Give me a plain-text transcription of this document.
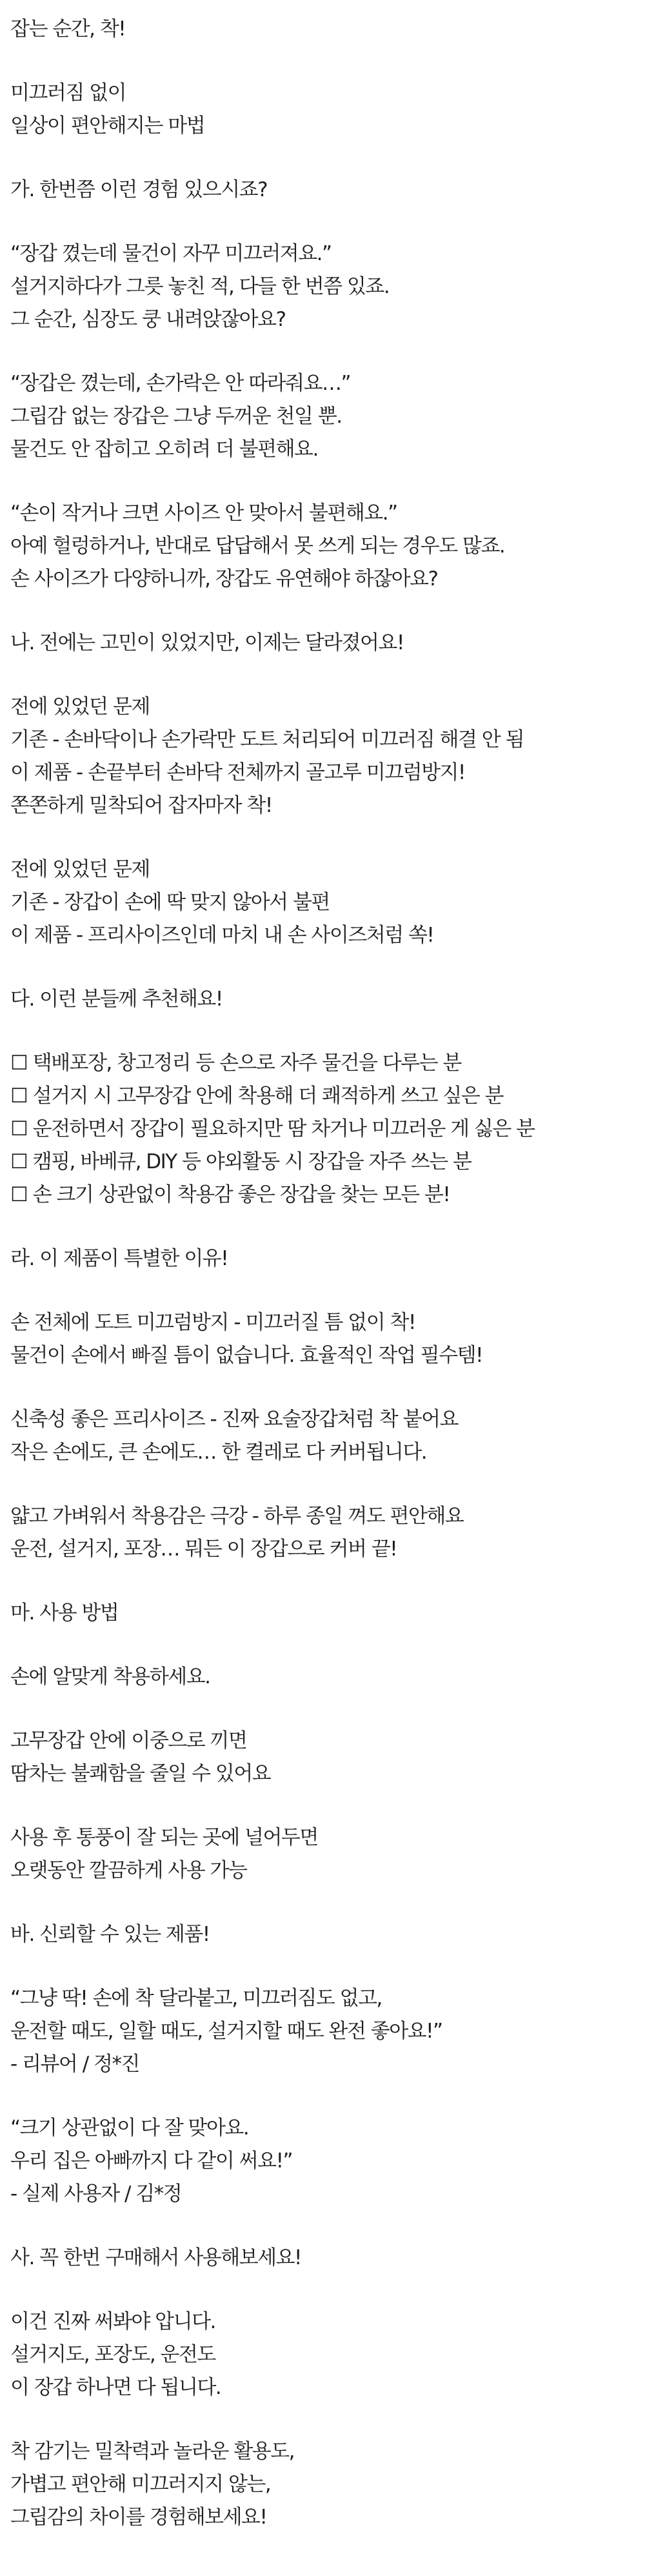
잡는 순간, 착!
미끄러짐 없이
일상이 편안해지는 마법
가. 한번쯤 이런 경험 있으시죠?
“장갑 꼈는데 물건이 자꾸 미끄러져요.”
설거지하다가 그릇 놓친 적, 다들 한 번쯤 있죠.
그 순간, 심장도 쿵 내려앉잖아요?
“장갑은 꼈는데, 손가락은 안 따라줘요…”
그립감 없는 장갑은 그냥 두꺼운 천일 뿐.
물건도 안 잡히고 오히려 더 불편해요.
“손이 작거나 크면 사이즈 안 맞아서 불편해요.”
아예 헐렁하거나, 반대로 답답해서 못 쓰게 되는 경우도 많죠.
손 사이즈가 다양하니까, 장갑도 유연해야 하잖아요?
나. 전에는 고민이 있었지만, 이제는 달라졌어요!
전에 있었던 문제
기존 - 손바닥이나 손가락만 도트 처리되어 미끄러짐 해결 안 됨
이 제품 - 손끝부터 손바닥 전체까지 골고루 미끄럼방지!
쫀쫀하게 밀착되어 잡자마자 착!
전에 있었던 문제
기존 - 장갑이 손에 딱 맞지 않아서 불편
이 제품 - 프리사이즈인데 마치 내 손 사이즈처럼 쏙!
다. 이런 분들께 추천해요!
☐ 택배포장, 창고정리 등 손으로 자주 물건을 다루는 분
☐ 설거지 시 고무장갑 안에 착용해 더 쾌적하게 쓰고 싶은 분
☐ 운전하면서 장갑이 필요하지만 땀 차거나 미끄러운 게 싫은 분
☐ 캠핑, 바베큐, DIY 등 야외활동 시 장갑을 자주 쓰는 분
☐ 손 크기 상관없이 착용감 좋은 장갑을 찾는 모든 분!
라. 이 제품이 특별한 이유!
손 전체에 도트 미끄럼방지 - 미끄러질 틈 없이 착!
물건이 손에서 빠질 틈이 없습니다. 효율적인 작업 필수템!
신축성 좋은 프리사이즈 - 진짜 요술장갑처럼 착 붙어요
작은 손에도, 큰 손에도… 한 켤레로 다 커버됩니다.
얇고 가벼워서 착용감은 극강 - 하루 종일 껴도 편안해요
운전, 설거지, 포장… 뭐든 이 장갑으로 커버 끝!
마. 사용 방법
손에 알맞게 착용하세요.
고무장갑 안에 이중으로 끼면
땀차는 불쾌함을 줄일 수 있어요
사용 후 통풍이 잘 되는 곳에 널어두면
오랫동안 깔끔하게 사용 가능
바. 신뢰할 수 있는 제품!
“그냥 딱! 손에 착 달라붙고, 미끄러짐도 없고,
운전할 때도, 일할 때도, 설거지할 때도 완전 좋아요!”
- 리뷰어 / 정*진
“크기 상관없이 다 잘 맞아요.
우리 집은 아빠까지 다 같이 써요!”
- 실제 사용자 / 김*정
사. 꼭 한번 구매해서 사용해보세요!
이건 진짜 써봐야 압니다.
설거지도, 포장도, 운전도
이 장갑 하나면 다 됩니다.
착 감기는 밀착력과 놀라운 활용도,
가볍고 편안해 미끄러지지 않는,
그립감의 차이를 경험해보세요!
